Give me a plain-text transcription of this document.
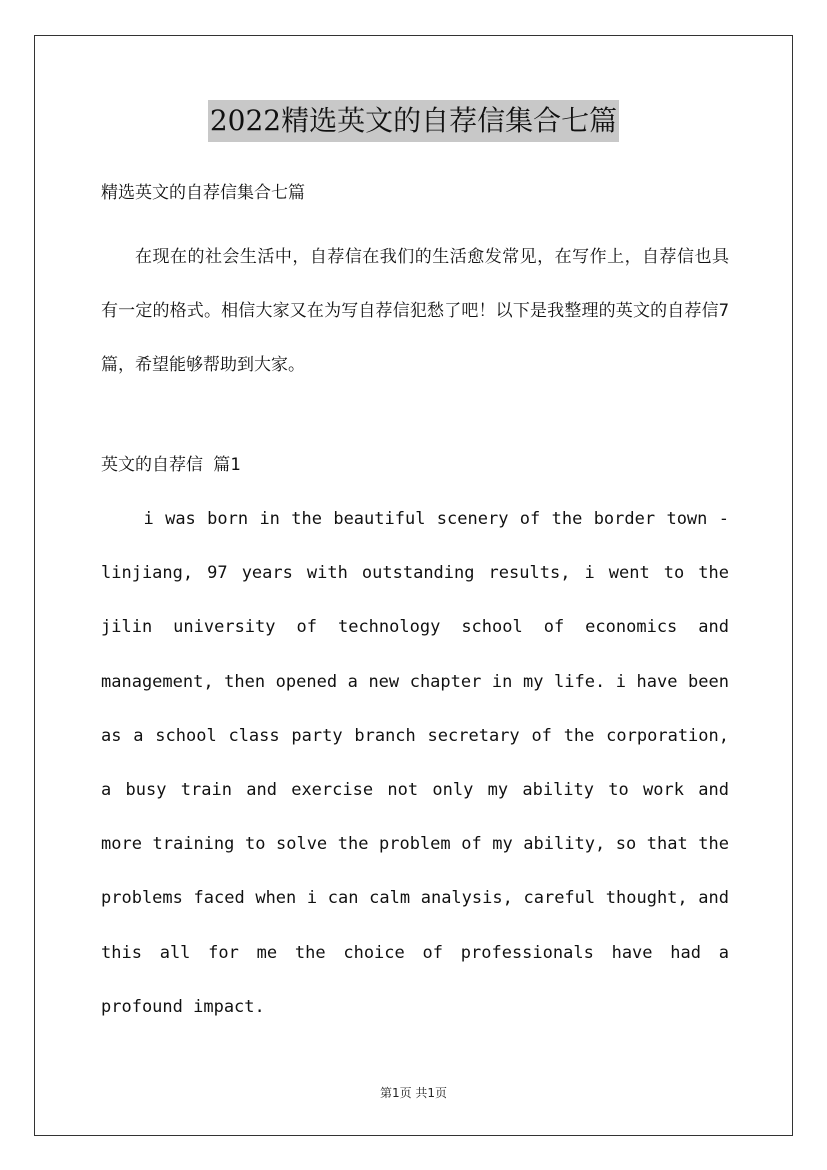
2022精选英文的自荐信集合七篇
精选英文的自荐信集合七篇
在现在的社会生活中，自荐信在我们的生活愈发常见，在写作上，自荐信也具有一定的格式。相信大家又在为写自荐信犯愁了吧！以下是我整理的英文的自荐信7篇，希望能够帮助到大家。
英文的自荐信 篇1
i was born in the beautiful scenery of the border town - linjiang, 97 years with outstanding results, i went to the jilin university of technology school of economics and management, then opened a new chapter in my life. i have been as a school class party branch secretary of the corporation, a busy train and exercise not only my ability to work and more training to solve the problem of my ability, so that the problems faced when i can calm analysis, careful thought, and this all for me the choice of professionals have had a profound impact.
第1页 共1页
